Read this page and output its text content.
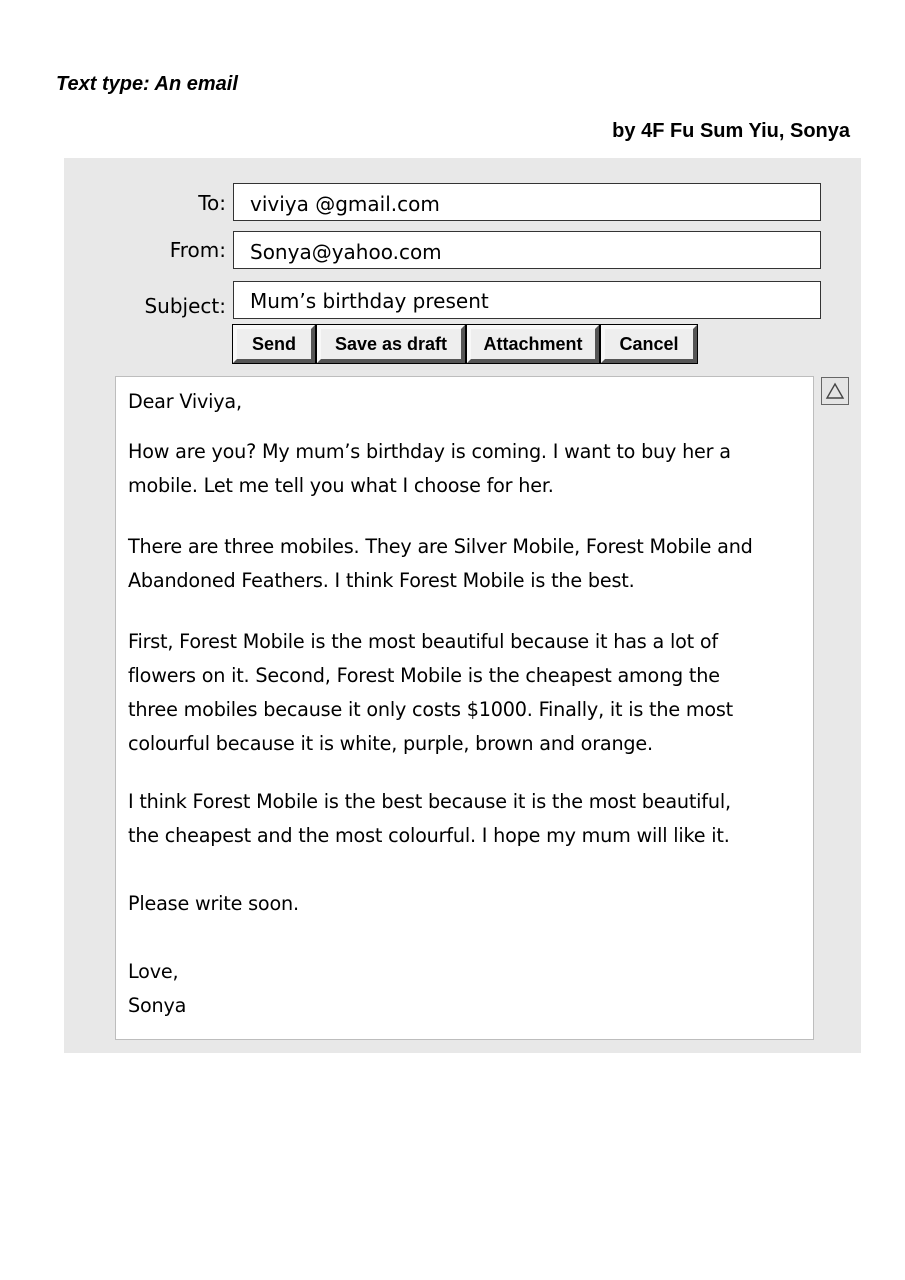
Text type: An email
by 4F Fu Sum Yiu, Sonya
To:	viviya @gmail.com
From:	Sonya@yahoo.com
Subject:	Mum’s birthday present
Send	Save as draft	Attachment	Cancel

Dear Viviya,

How are you? My mum’s birthday is coming. I want to buy her a

mobile. Let me tell you what I choose for her.

There are three mobiles. They are Silver Mobile, Forest Mobile and

Abandoned Feathers. I think Forest Mobile is the best.

First, Forest Mobile is the most beautiful because it has a lot of

flowers on it. Second, Forest Mobile is the cheapest among the

three mobiles because it only costs $1000. Finally, it is the most

colourful because it is white, purple, brown and orange.

I think Forest Mobile is the best because it is the most beautiful,

the cheapest and the most colourful. I hope my mum will like it.

Please write soon.

Love,

Sonya
